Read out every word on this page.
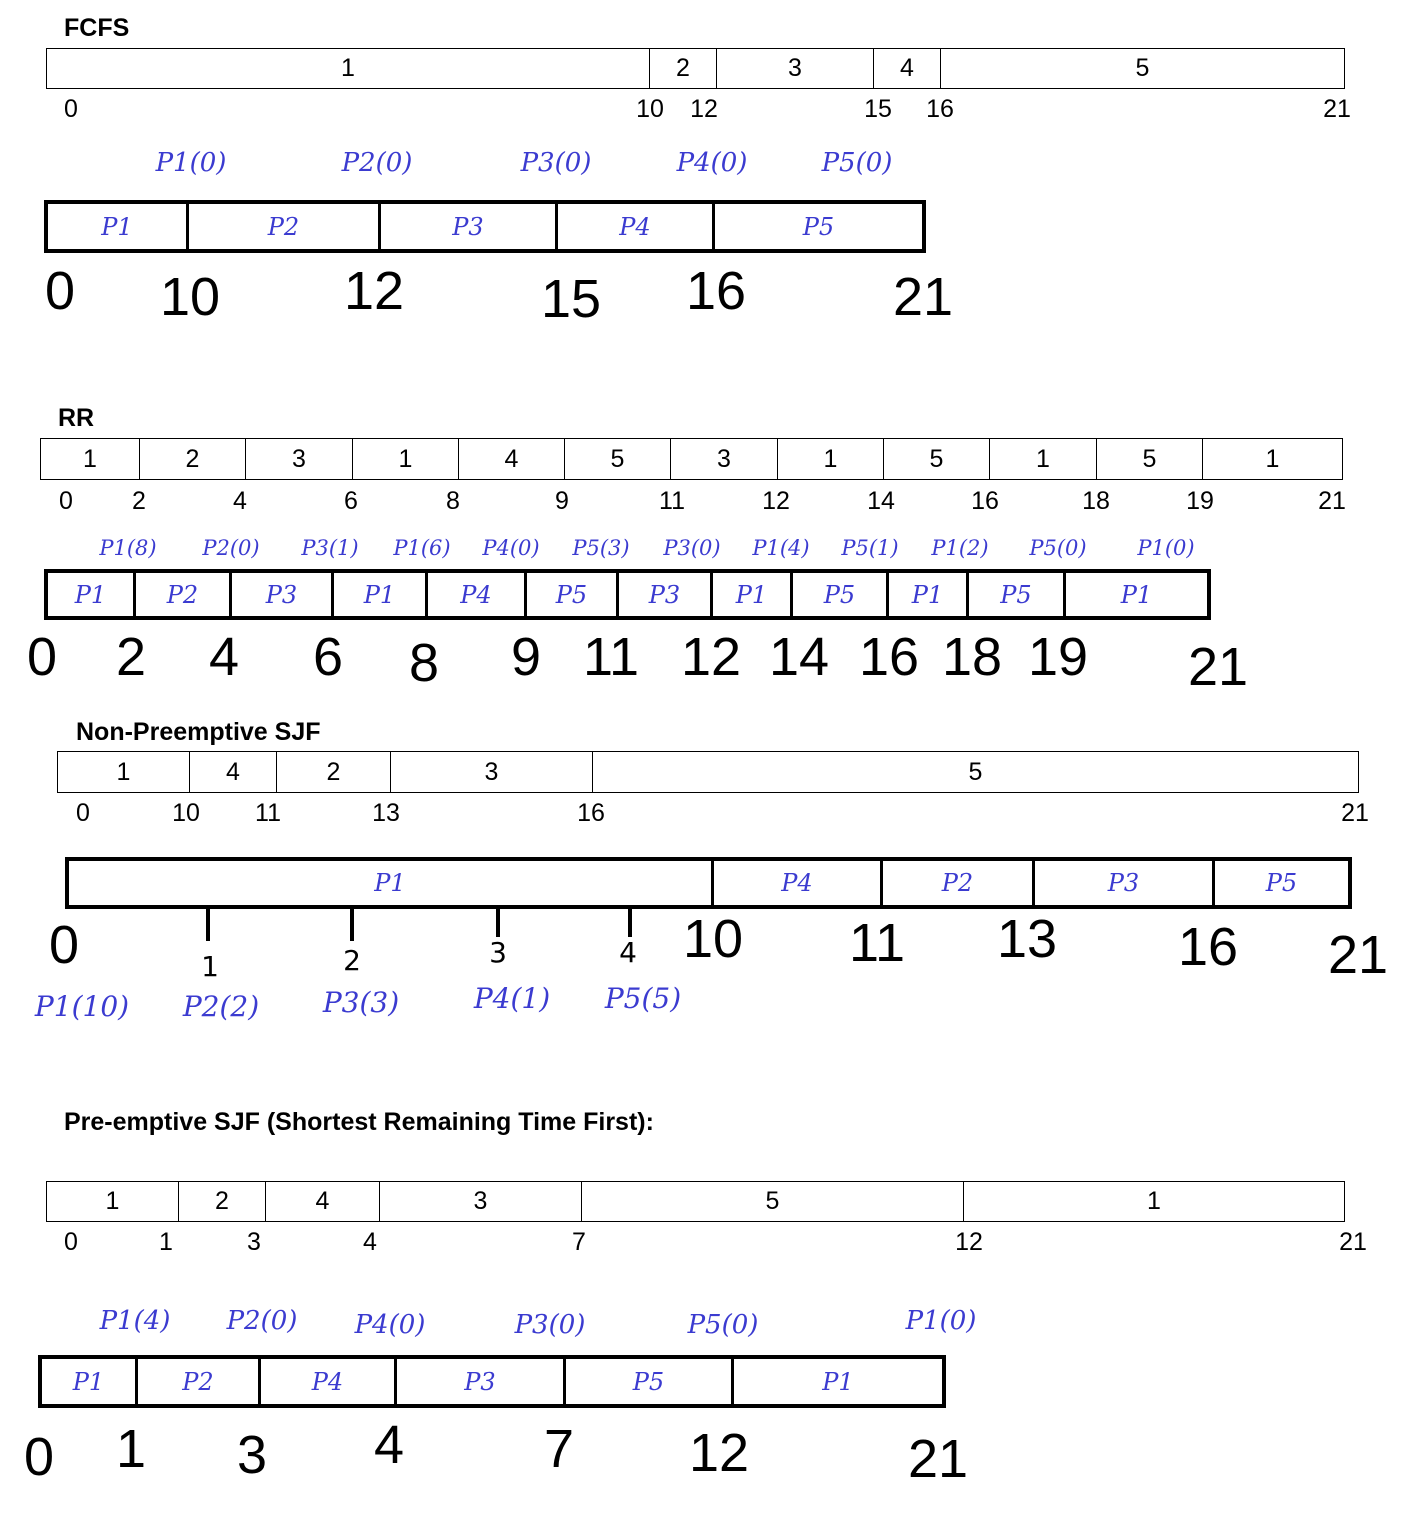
FCFS
1	2	3	4	5
0	10 12	15 16	21
P1(0)	P2(0)	P3(0)	P4(0)	P5(0)
P1	P2	P3	P4	P5
0 10 12	15 16	21
RR
1	2	3	1	4	5	3	1	5	1	5	1
0 2	4	6	8	9	11	12	14	16	18	19	21
P1(8) P2(0) P3(1) P1(6) P4(0) P5(3) P3(0) P1(4) P5(1) P1(2) P5(0) P1(0)
P1	P2	P3	P1	P4	P5	P3	P1	P5	P1	P5	P1
0 2 4 6 8 9 11 12 14 16 18 19 21
Non-Preemptive SJF
1	4	2	3	5
0	10 11	13	16	21
P1	P4	P2	P3	P5
1	2	3	4
0	10 11 13 16 21
P1(10) P2(2) P3(3)	P4(1) P5(5)
Pre-emptive SJF (Shortest Remaining Time First):
1	2	4	3	5	1
0	1	3	4	7	12	21
P1(4) P2(0) P4(0)	P3(0)	P5(0)	P1(0)
P1	P2	P4	P3	P5	P1
0 1 3 4	7 12	21
